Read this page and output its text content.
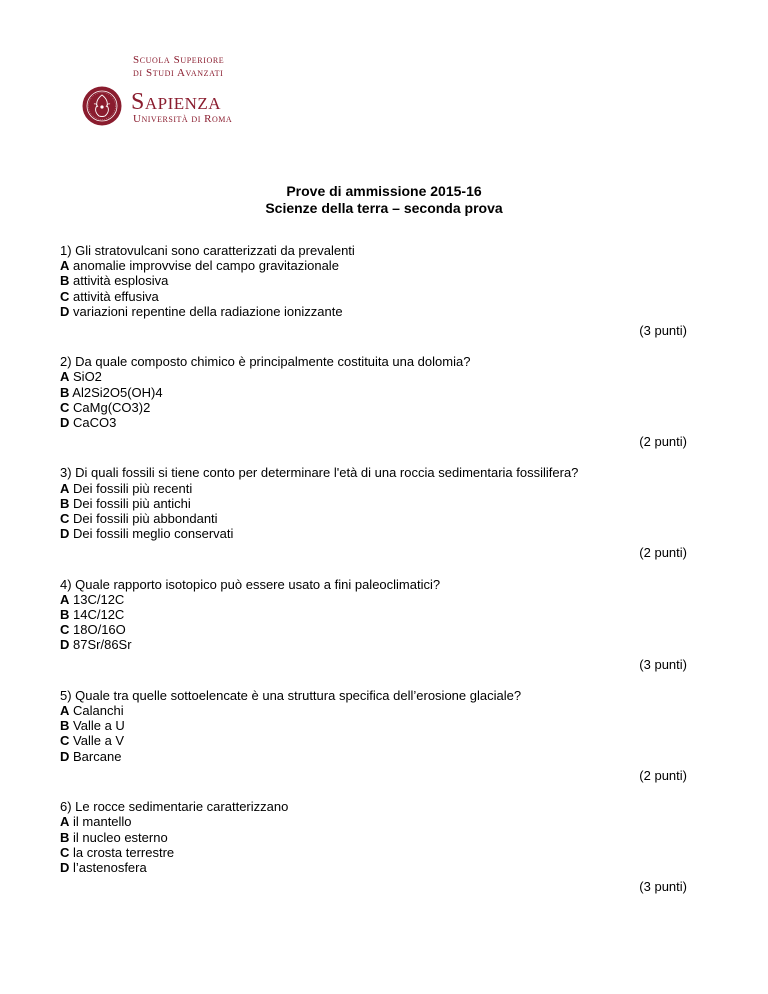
Scuola Superiore
di Studi Avanzati
Sapienza
Università di Roma
Prove di ammissione 2015-16
Scienze della terra – seconda prova
1) Gli stratovulcani sono caratterizzati da prevalenti
A anomalie improvvise del campo gravitazionale
B attività esplosiva
C attività effusiva
D variazioni repentine della radiazione ionizzante
(3 punti)
2) Da quale composto chimico è principalmente costituita una dolomia?
A SiO2
B Al2Si2O5(OH)4
C CaMg(CO3)2
D CaCO3
(2 punti)
3) Di quali fossili si tiene conto per determinare l'età di una roccia sedimentaria fossilifera?
A Dei fossili più recenti
B Dei fossili più antichi
C Dei fossili più abbondanti
D Dei fossili meglio conservati
(2 punti)
4) Quale rapporto isotopico può essere usato a fini paleoclimatici?
A 13C/12C
B 14C/12C
C 18O/16O
D 87Sr/86Sr
(3 punti)
5) Quale tra quelle sottoelencate è una struttura specifica dell’erosione glaciale?
A Calanchi
B Valle a U
C Valle a V
D Barcane
(2 punti)
6) Le rocce sedimentarie caratterizzano
A il mantello
B il nucleo esterno
C la crosta terrestre
D l’astenosfera
(3 punti)
